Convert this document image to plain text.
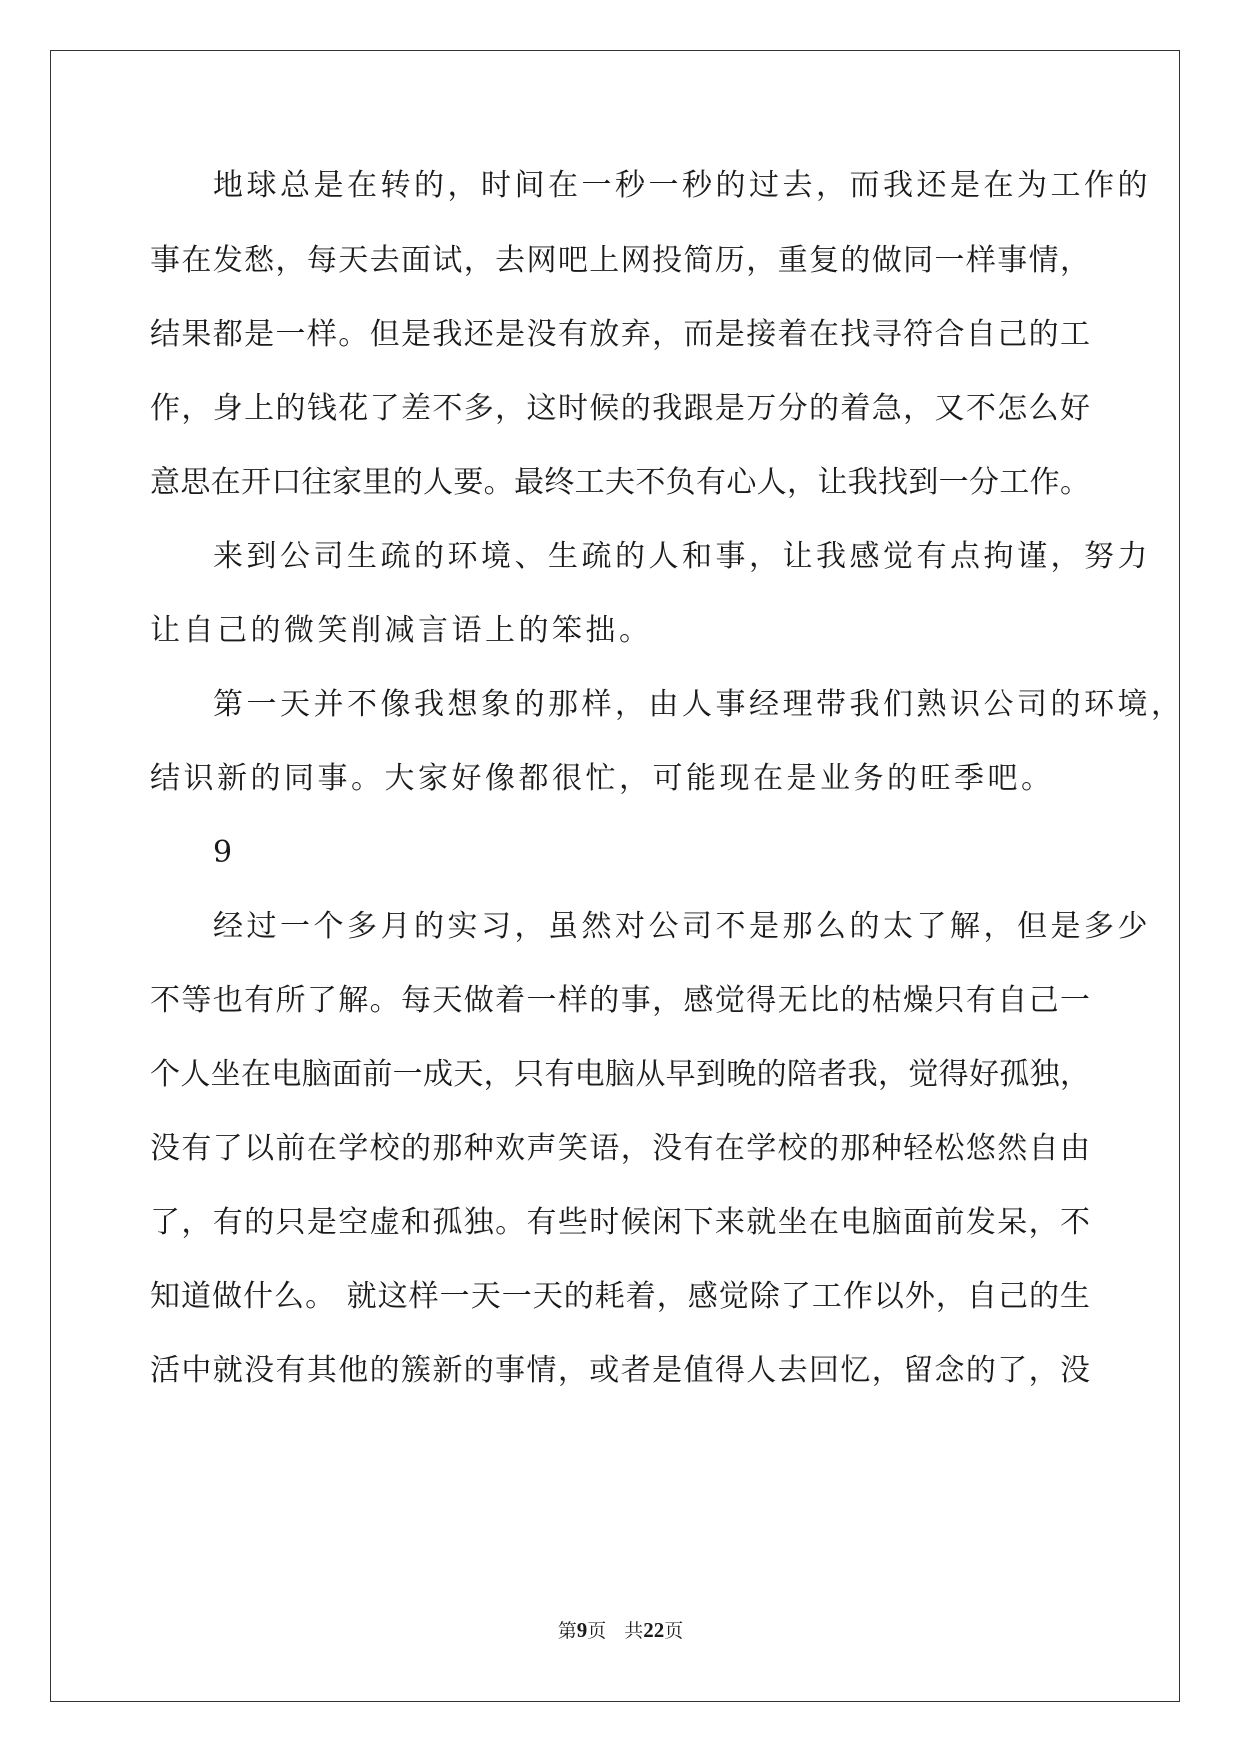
地球总是在转的，时间在一秒一秒的过去，而我还是在为工作的
事在发愁，每天去面试，去网吧上网投简历，重复的做同一样事情，
结果都是一样。但是我还是没有放弃，而是接着在找寻符合自己的工
作，身上的钱花了差不多，这时候的我跟是万分的着急，又不怎么好
意思在开口往家里的人要。最终工夫不负有心人，让我找到一分工作。
来到公司生疏的环境、生疏的人和事，让我感觉有点拘谨，努力
让自己的微笑削减言语上的笨拙。
第一天并不像我想象的那样，由人事经理带我们熟识公司的环境，
结识新的同事。大家好像都很忙，可能现在是业务的旺季吧。
9
经过一个多月的实习，虽然对公司不是那么的太了解，但是多少
不等也有所了解。每天做着一样的事，感觉得无比的枯燥只有自己一
个人坐在电脑面前一成天，只有电脑从早到晚的陪者我，觉得好孤独，
没有了以前在学校的那种欢声笑语，没有在学校的那种轻松悠然自由
了，有的只是空虚和孤独。有些时候闲下来就坐在电脑面前发呆，不
知道做什么。 就这样一天一天的耗着，感觉除了工作以外，自己的生
活中就没有其他的簇新的事情，或者是值得人去回忆，留念的了，没
第9页 共22页
